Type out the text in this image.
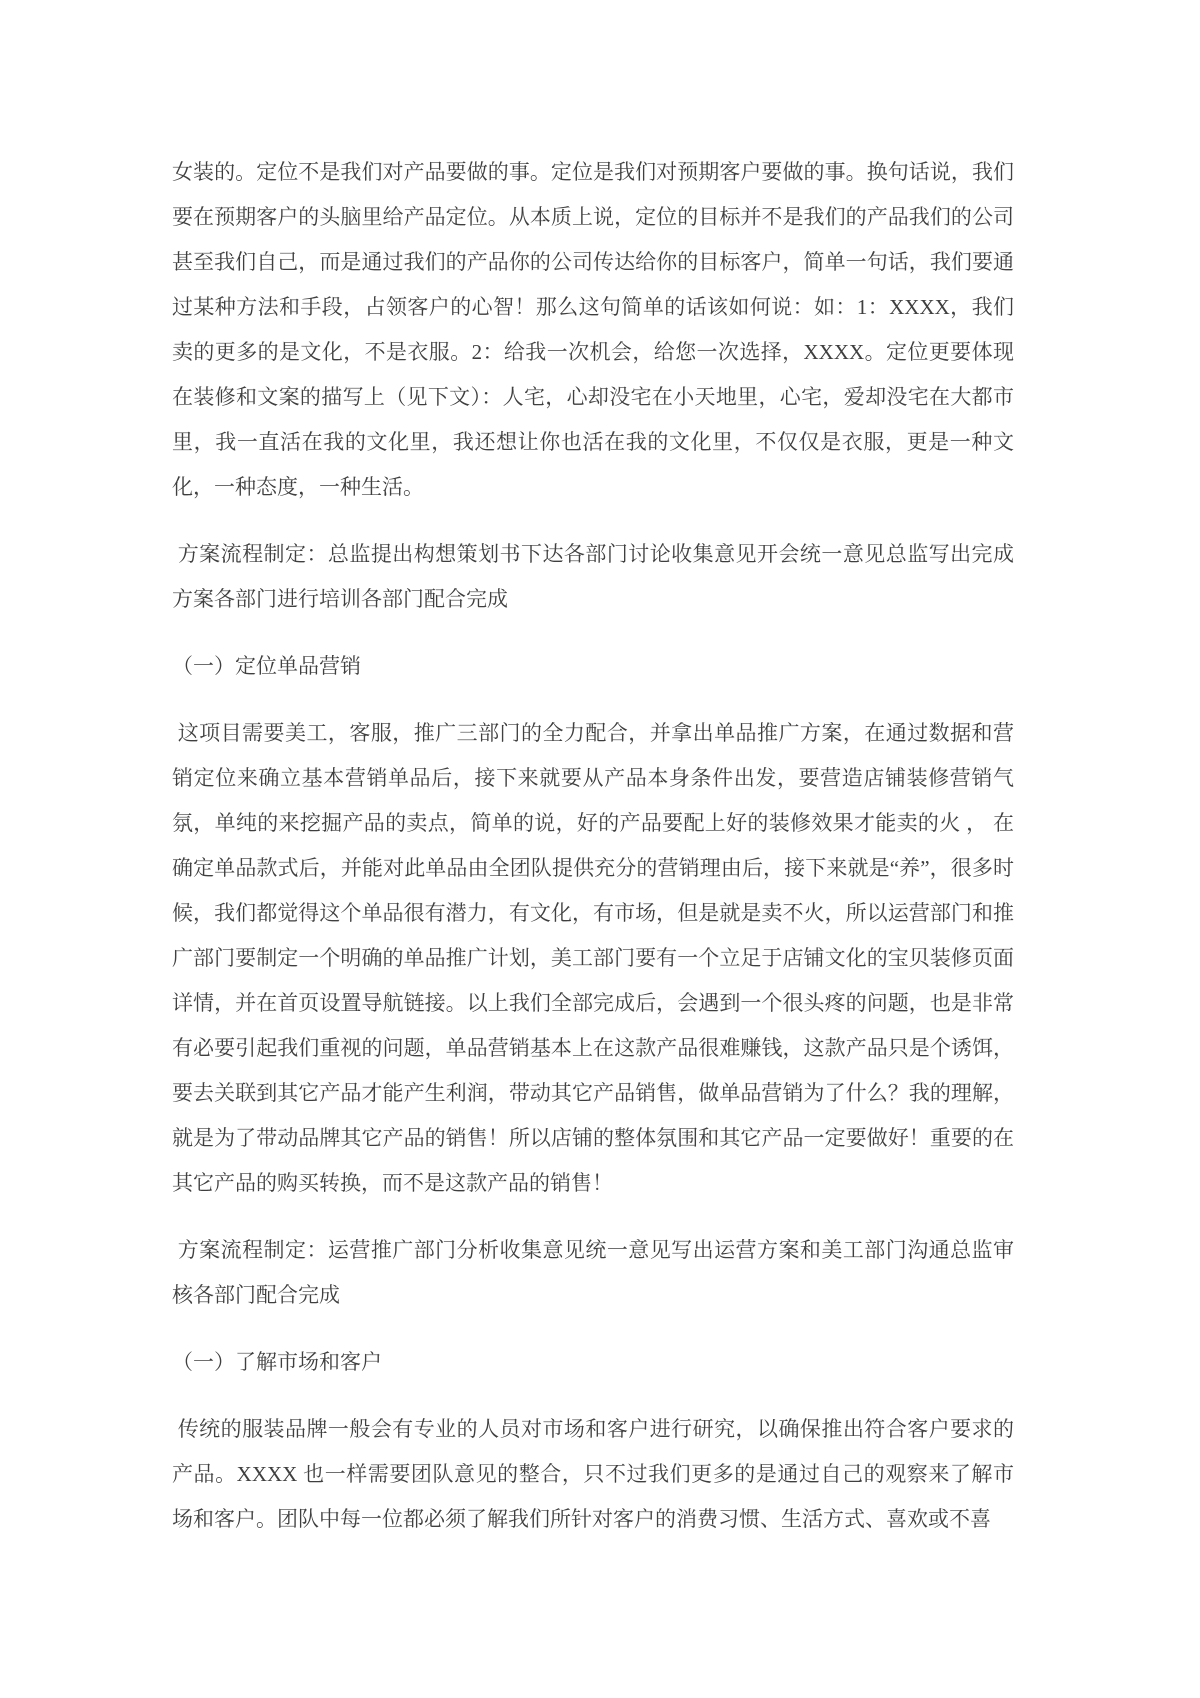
女装的。定位不是我们对产品要做的事。定位是我们对预期客户要做的事。换句话说，我们要在预期客户的头脑里给产品定位。从本质上说，定位的目标并不是我们的产品我们的公司甚至我们自己，而是通过我们的产品你的公司传达给你的目标客户，简单一句话，我们要通过某种方法和手段，占领客户的心智！那么这句简单的话该如何说：如：1：XXXX，我们卖的更多的是文化，不是衣服。2：给我一次机会，给您一次选择，XXXX。定位更要体现在装修和文案的描写上（见下文）：人宅，心却没宅在小天地里，心宅，爱却没宅在大都市里，我一直活在我的文化里，我还想让你也活在我的文化里，不仅仅是衣服，更是一种文化，一种态度，一种生活。

方案流程制定：总监提出构想策划书下达各部门讨论收集意见开会统一意见总监写出完成方案各部门进行培训各部门配合完成

（一）定位单品营销

这项目需要美工，客服，推广三部门的全力配合，并拿出单品推广方案，在通过数据和营销定位来确立基本营销单品后，接下来就要从产品本身条件出发，要营造店铺装修营销气氛，单纯的来挖掘产品的卖点，简单的说，好的产品要配上好的装修效果才能卖的火 ， 在确定单品款式后，并能对此单品由全团队提供充分的营销理由后，接下来就是“养”，很多时候，我们都觉得这个单品很有潜力，有文化，有市场，但是就是卖不火，所以运营部门和推广部门要制定一个明确的单品推广计划，美工部门要有一个立足于店铺文化的宝贝装修页面详情，并在首页设置导航链接。以上我们全部完成后，会遇到一个很头疼的问题，也是非常有必要引起我们重视的问题，单品营销基本上在这款产品很难赚钱，这款产品只是个诱饵，要去关联到其它产品才能产生利润，带动其它产品销售，做单品营销为了什么？我的理解，就是为了带动品牌其它产品的销售！所以店铺的整体氛围和其它产品一定要做好！重要的在其它产品的购买转换，而不是这款产品的销售！

方案流程制定：运营推广部门分析收集意见统一意见写出运营方案和美工部门沟通总监审核各部门配合完成

（一）了解市场和客户

传统的服装品牌一般会有专业的人员对市场和客户进行研究，以确保推出符合客户要求的产品。XXXX 也一样需要团队意见的整合，只不过我们更多的是通过自己的观察来了解市场和客户。团队中每一位都必须了解我们所针对客户的消费习惯、生活方式、喜欢或不喜
